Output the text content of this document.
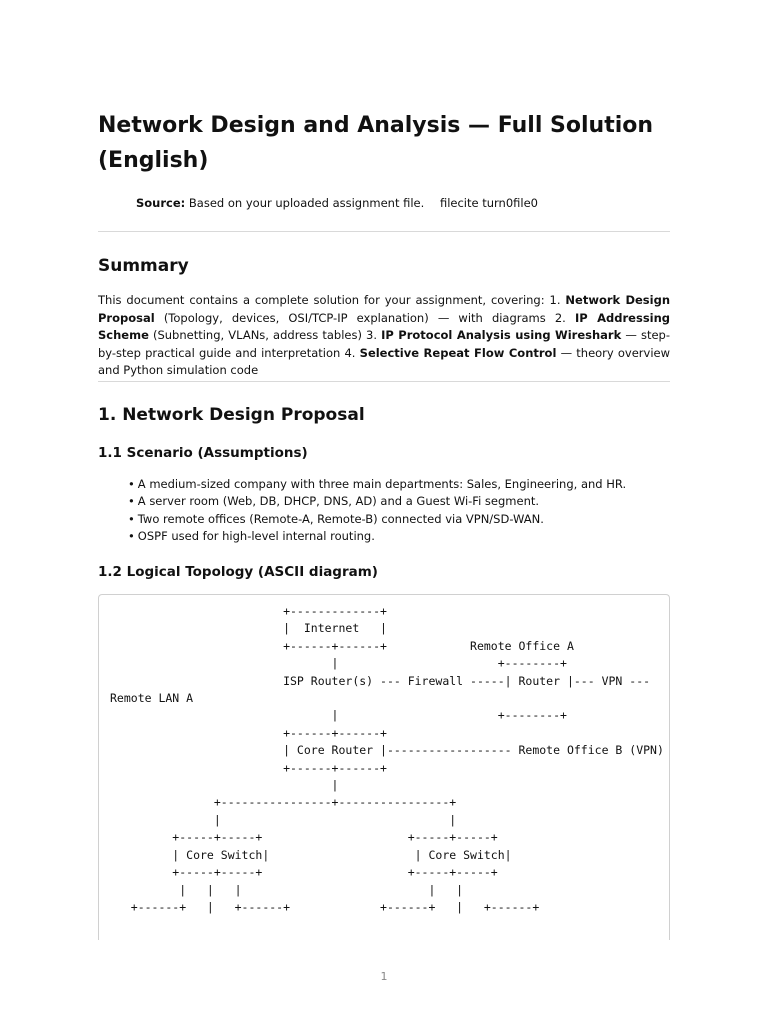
Network Design and Analysis — Full Solution (English)
Source: Based on your uploaded assignment file. filecite turn0file0
Summary

This document contains a complete solution for your assignment, covering: 1. Network Design Proposal (Topology, devices, OSI/TCP-IP explanation) — with diagrams 2. IP Addressing Scheme (Subnetting, VLANs, address tables) 3. IP Protocol Analysis using Wireshark — step-by-step practical guide and interpretation 4. Selective Repeat Flow Control — theory overview and Python simulation code

1. Network Design Proposal
1.1 Scenario (Assumptions)
• A medium-sized company with three main departments: Sales, Engineering, and HR.
• A server room (Web, DB, DHCP, DNS, AD) and a Guest Wi-Fi segment.
• Two remote offices (Remote-A, Remote-B) connected via VPN/SD-WAN.
• OSPF used for high-level internal routing.
1.2 Logical Topology (ASCII diagram)
+-------------+
|  Internet   |
+------+------+            Remote Office A
|                       +--------+
ISP Router(s) --- Firewall -----| Router |--- VPN ---
Remote LAN A
|                       +--------+
+------+------+
| Core Router |------------------ Remote Office B (VPN)
+------+------+
|
+----------------+----------------+
|                                 |
+-----+-----+                     +-----+-----+
| Core Switch|                     | Core Switch|
+-----+-----+                     +-----+-----+
|   |   |                           |   |
+------+   |   +------+             +------+   |   +------+
1
